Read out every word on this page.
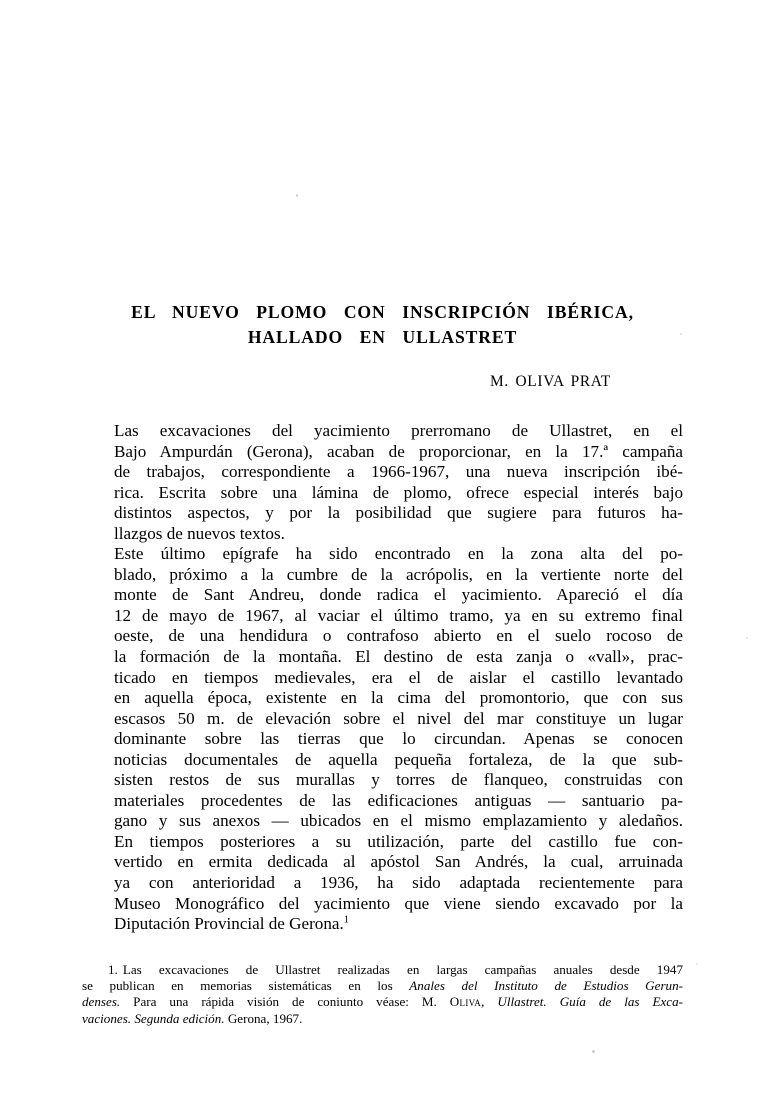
EL  NUEVO  PLOMO  CON  INSCRIPCIÓN  IBÉRICA,
HALLADO  EN  ULLASTRET
M. OLIVA PRAT

Las excavaciones del yacimiento prerromano de Ullastret, en el
Bajo Ampurdán (Gerona), acaban de proporcionar, en la 17.ª campaña
de trabajos, correspondiente a 1966-1967, una nueva inscripción ibé-
rica. Escrita sobre una lámina de plomo, ofrece especial interés bajo
distintos aspectos, y por la posibilidad que sugiere para futuros ha-
llazgos de nuevos textos.

Este último epígrafe ha sido encontrado en la zona alta del po-
blado, próximo a la cumbre de la acrópolis, en la vertiente norte del
monte de Sant Andreu, donde radica el yacimiento. Apareció el día
12 de mayo de 1967, al vaciar el último tramo, ya en su extremo final
oeste, de una hendidura o contrafoso abierto en el suelo rocoso de
la formación de la montaña. El destino de esta zanja o «vall», prac-
ticado en tiempos medievales, era el de aislar el castillo levantado
en aquella época, existente en la cima del promontorio, que con sus
escasos 50 m. de elevación sobre el nivel del mar constituye un lugar
dominante sobre las tierras que lo circundan. Apenas se conocen
noticias documentales de aquella pequeña fortaleza, de la que sub-
sisten restos de sus murallas y torres de flanqueo, construidas con
materiales procedentes de las edificaciones antiguas — santuario pa-
gano y sus anexos — ubicados en el mismo emplazamiento y aledaños.
En tiempos posteriores a su utilización, parte del castillo fue con-
vertido en ermita dedicada al apóstol San Andrés, la cual, arruinada
ya con anterioridad a 1936, ha sido adaptada recientemente para
Museo Monográfico del yacimiento que viene siendo excavado por la
Diputación Provincial de Gerona.$^1$

1. Las excavaciones de Ullastret realizadas en largas campañas anuales desde 1947
se publican en memorias sistemáticas en los Anales del Instituto de Estudios Gerun-
denses. Para una rápida visión de coniunto véase: M. Oliva, Ullastret. Guía de las Exca-
vaciones. Segunda edición. Gerona, 1967.
